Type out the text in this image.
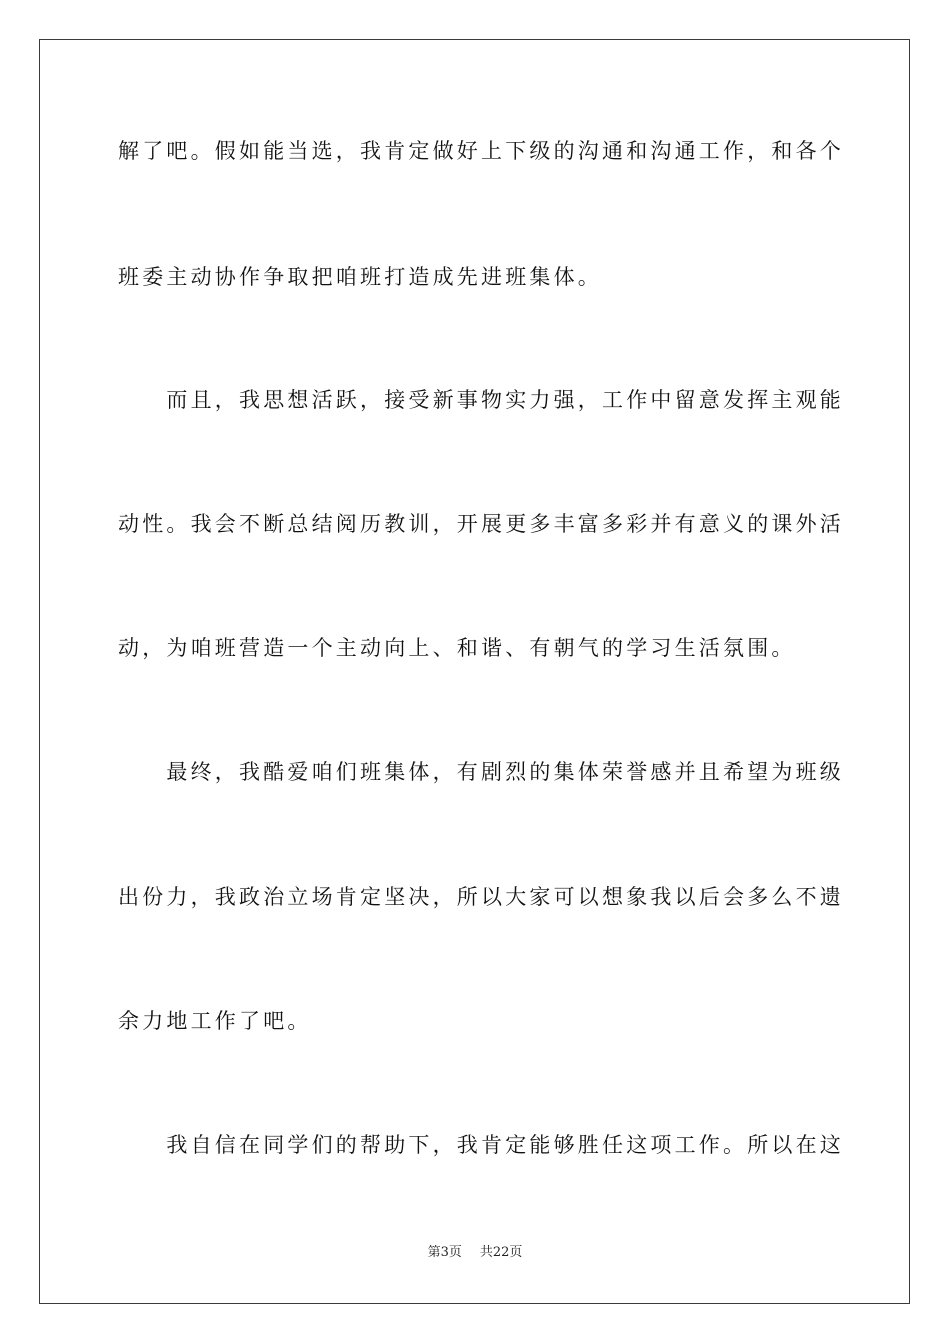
解了吧。假如能当选，我肯定做好上下级的沟通和沟通工作，和各个
班委主动协作争取把咱班打造成先进班集体。
　　而且，我思想活跃，接受新事物实力强，工作中留意发挥主观能
动性。我会不断总结阅历教训，开展更多丰富多彩并有意义的课外活
动，为咱班营造一个主动向上、和谐、有朝气的学习生活氛围。
　　最终，我酷爱咱们班集体，有剧烈的集体荣誉感并且希望为班级
出份力，我政治立场肯定坚决，所以大家可以想象我以后会多么不遗
余力地工作了吧。
　　我自信在同学们的帮助下，我肯定能够胜任这项工作。所以在这
第3页 共22页
